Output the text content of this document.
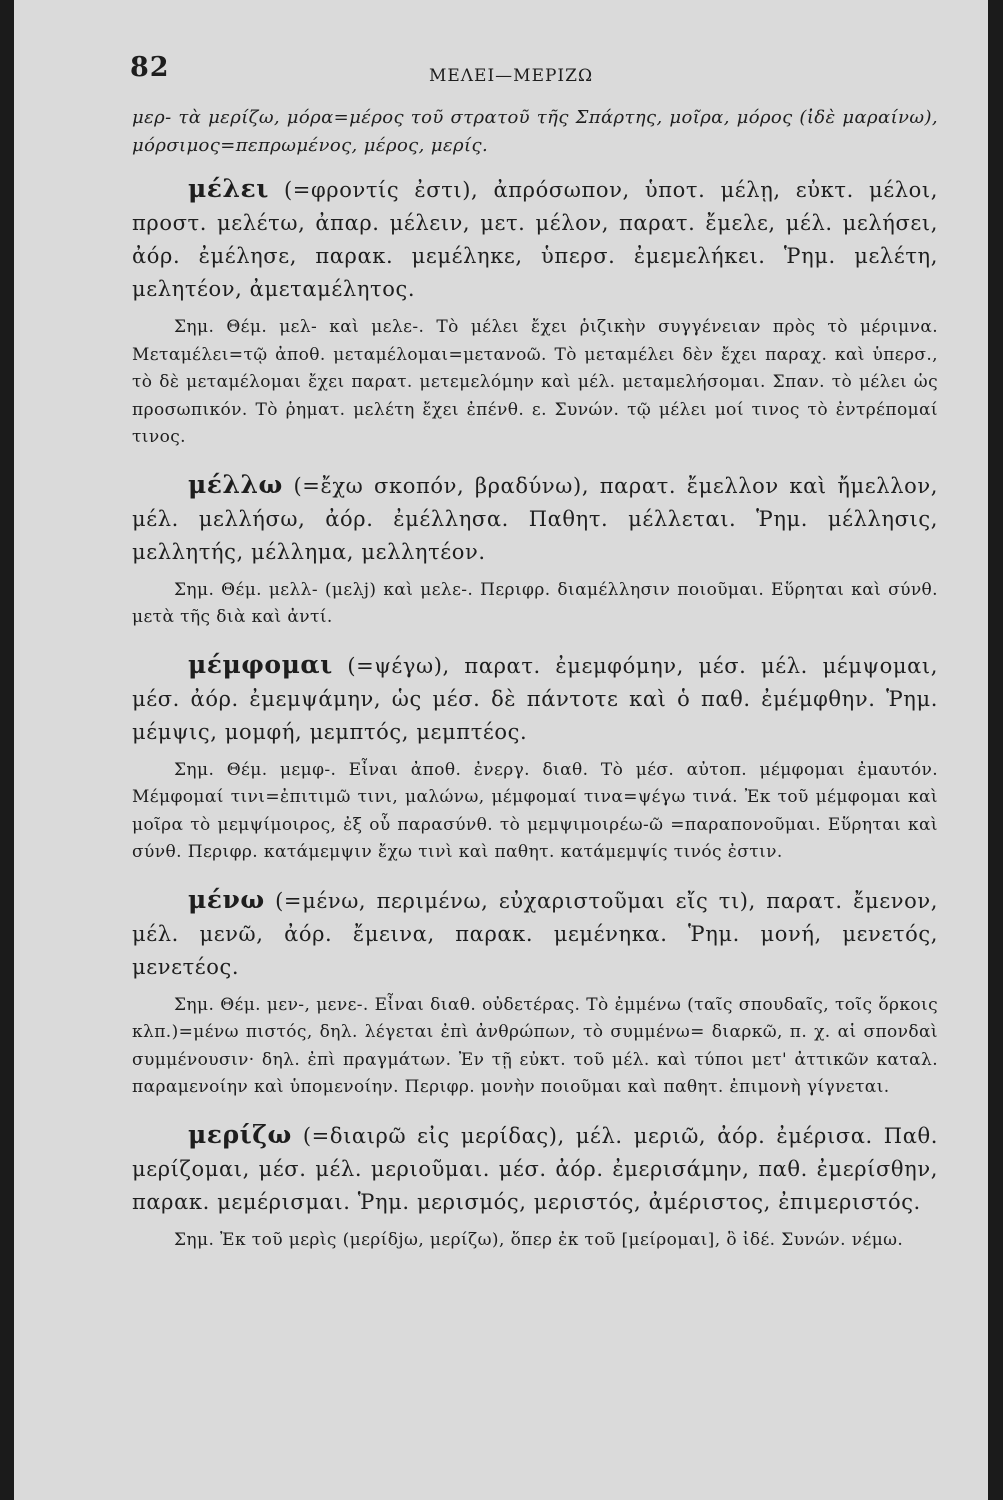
82	ΜΕΛΕΙ—ΜΕΡΙΖΩ

μερ- τὰ μερίζω, μόρα=μέρος τοῦ στρατοῦ τῆς Σπάρτης, μοῖρα, μόρος (ἰδὲ μαραίνω), μόρσιμος=πεπρωμένος, μέρος, μερίς.

μέλει (=φροντίς ἐστι), ἀπρόσωπον, ὑποτ. μέλῃ, εὐκτ. μέλοι, προστ. μελέτω, ἀπαρ. μέλειν, μετ. μέλον, παρατ. ἔμελε, μέλ. μελήσει, ἀόρ. ἐμέλησε, παρακ. μεμέληκε, ὑπερσ. ἐμεμελήκει. Ῥημ. μελέτη, μελητέον, ἀμεταμέλητος.

Σημ. Θέμ. μελ- καὶ μελε-. Τὸ μέλει ἔχει ῥιζικὴν συγγένειαν πρὸς τὸ μέριμνα. Μεταμέλει=τῷ ἀποθ. μεταμέλομαι=μετανοῶ. Τὸ μεταμέλει δὲν ἔχει παραχ. καὶ ὑπερσ., τὸ δὲ μεταμέλομαι ἔχει παρατ. μετεμελόμην καὶ μέλ. μεταμελήσομαι. Σπαν. τὸ μέλει ὡς προσωπικόν. Τὸ ῥηματ. μελέτη ἔχει ἐπένθ. ε. Συνών. τῷ μέλει μοί τινος τὸ ἐντρέπομαί τινος.

μέλλω (=ἔχω σκοπόν, βραδύνω), παρατ. ἔμελλον καὶ ἤμελλον, μέλ. μελλήσω, ἀόρ. ἐμέλλησα. Παθητ. μέλλεται. Ῥημ. μέλλησις, μελλητής, μέλλημα, μελλητέον.

Σημ. Θέμ. μελλ- (μελj) καὶ μελε-. Περιφρ. διαμέλλησιν ποιοῦμαι. Εὕρηται καὶ σύνθ. μετὰ τῆς διὰ καὶ ἀντί.

μέμφομαι (=ψέγω), παρατ. ἐμεμφόμην, μέσ. μέλ. μέμψομαι, μέσ. ἀόρ. ἐμεμψάμην, ὡς μέσ. δὲ πάντοτε καὶ ὁ παθ. ἐμέμφθην. Ῥημ. μέμψις, μομφή, μεμπτός, μεμπτέος.

Σημ. Θέμ. μεμφ-. Εἶναι ἀποθ. ἐνεργ. διαθ. Τὸ μέσ. αὐτοπ. μέμφομαι ἐμαυτόν. Μέμφομαί τινι=ἐπιτιμῶ τινι, μαλώνω, μέμφομαί τινα=ψέγω τινά. Ἐκ τοῦ μέμφομαι καὶ μοῖρα τὸ μεμψίμοιρος, ἐξ οὗ παρασύνθ. τὸ μεμψιμοιρέω-ῶ =παραπονοῦμαι. Εὕρηται καὶ σύνθ. Περιφρ. κατάμεμψιν ἔχω τινὶ καὶ παθητ. κατάμεμψίς τινός ἐστιν.

μένω (=μένω, περιμένω, εὐχαριστοῦμαι εἴς τι), παρατ. ἔμενον, μέλ. μενῶ, ἀόρ. ἔμεινα, παρακ. μεμένηκα. Ῥημ. μονή, μενετός, μενετέος.

Σημ. Θέμ. μεν-, μενε-. Εἶναι διαθ. οὐδετέρας. Τὸ ἐμμένω (ταῖς σπουδαῖς, τοῖς ὅρκοις κλπ.)=μένω πιστός, δηλ. λέγεται ἐπὶ ἀνθρώπων, τὸ συμμένω= διαρκῶ, π. χ. αἱ σπονδαὶ συμμένουσιν· δηλ. ἐπὶ πραγμάτων. Ἐν τῇ εὐκτ. τοῦ μέλ. καὶ τύποι μετ' ἀττικῶν καταλ. παραμενοίην καὶ ὑπομενοίην. Περιφρ. μονὴν ποιοῦμαι καὶ παθητ. ἐπιμονὴ γίγνεται.

μερίζω (=διαιρῶ εἰς μερίδας), μέλ. μεριῶ, ἀόρ. ἐμέρισα. Παθ. μερίζομαι, μέσ. μέλ. μεριοῦμαι. μέσ. ἀόρ. ἐμερισάμην, παθ. ἐμερίσθην, παρακ. μεμέρισμαι. Ῥημ. μερισμός, μεριστός, ἀμέριστος, ἐπιμεριστός.

Σημ. Ἐκ τοῦ μερὶς (μερίδjω, μερίζω), ὅπερ ἐκ τοῦ [μείρομαι], ὃ ἰδέ. Συνών. νέμω.
